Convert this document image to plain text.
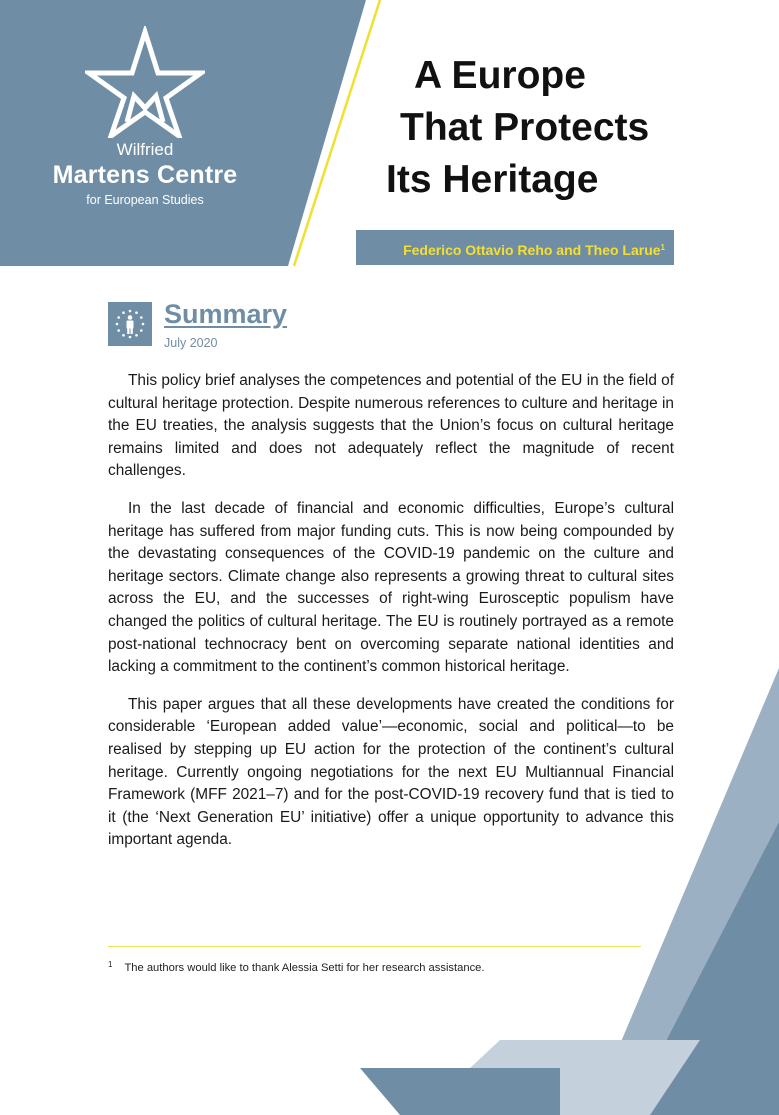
Wilfried
Martens Centre
for European Studies
A Europe
That Protects
Its Heritage
Federico Ottavio Reho and Theo Larue$^1$
Summary
July 2020

This policy brief analyses the competences and potential of the EU in the field of cultural heritage protection. Despite numerous references to culture and heritage in the EU treaties, the analysis suggests that the Union’s focus on cultural heritage remains limited and does not adequately reflect the magnitude of recent challenges.

In the last decade of financial and economic difficulties, Europe’s cultural heritage has suffered from major funding cuts. This is now being compounded by the devastating consequences of the COVID-19 pandemic on the culture and heritage sectors. Climate change also represents a growing threat to cultural sites across the EU, and the successes of right-wing Eurosceptic populism have changed the politics of cultural heritage. The EU is routinely portrayed as a remote post-national technocracy bent on overcoming separate national identities and lacking a commitment to the continent’s common historical heritage.

This paper argues that all these developments have created the conditions for considerable ‘European added value’—economic, social and political—to be realised by stepping up EU action for the protection of the continent’s cultural heritage. Currently ongoing negotiations for the next EU Multiannual Financial Framework (MFF 2021–7) and for the post-COVID-19 recovery fund that is tied to it (the ‘Next Generation EU’ initiative) offer a unique opportunity to advance this important agenda.

$^1$ The authors would like to thank Alessia Setti for her research assistance.
